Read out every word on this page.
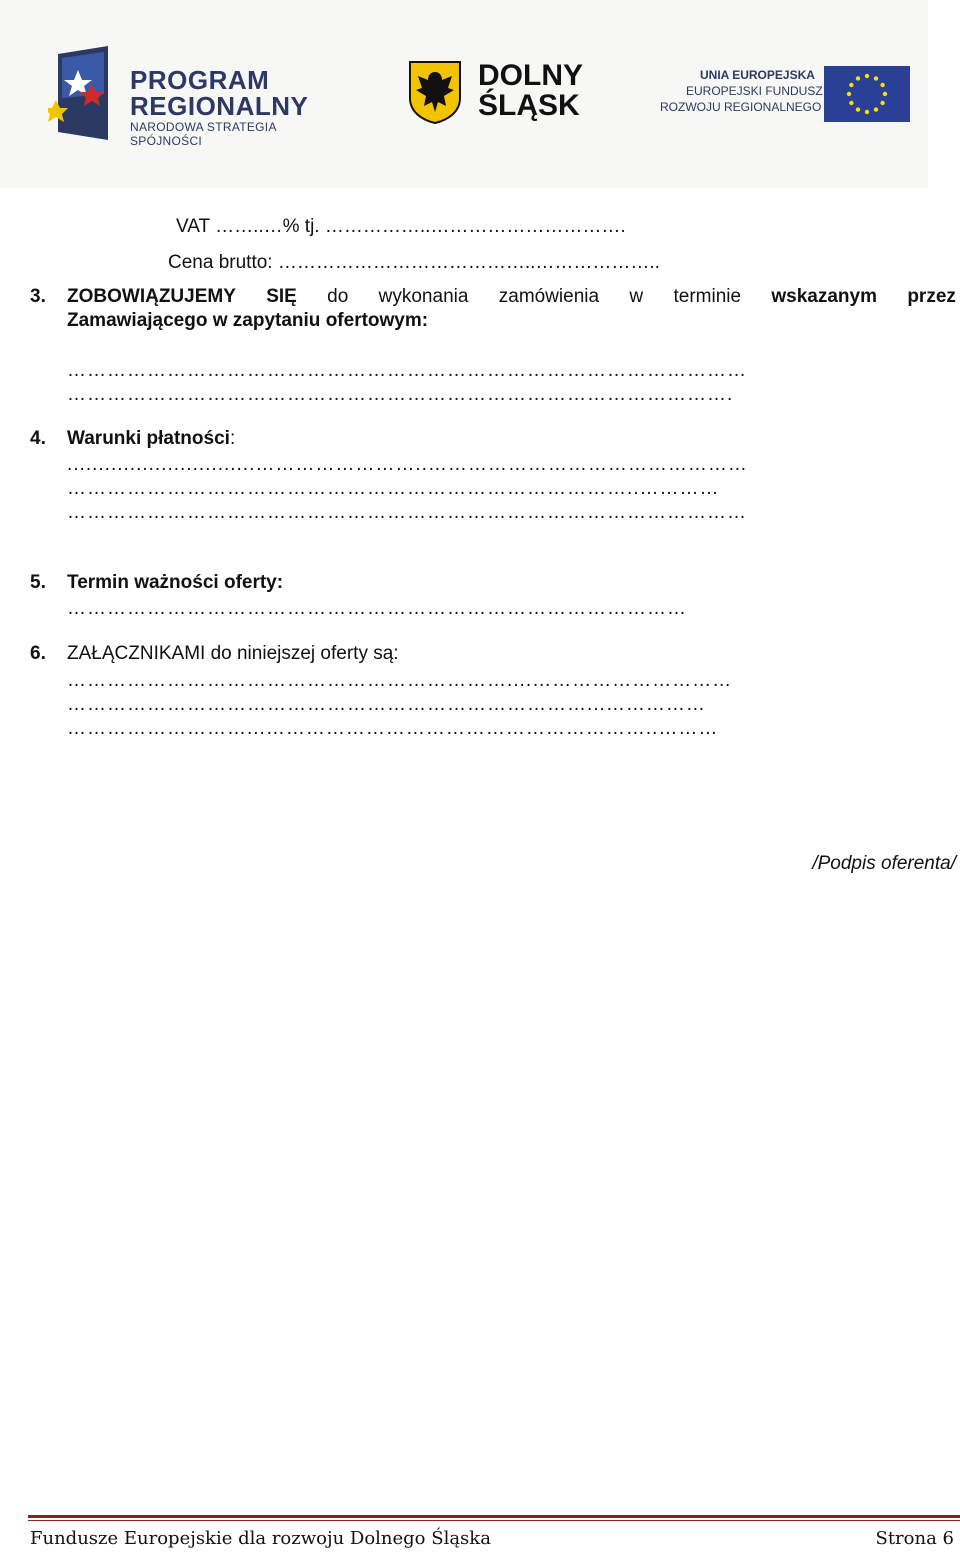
PROGRAM
REGIONALNY
NARODOWA STRATEGIA SPÓJNOŚCI
DOLNY
ŚLĄSK
UNIA EUROPEJSKA
EUROPEJSKI FUNDUSZ
ROZWOJU REGIONALNEGO
VAT ……..…% tj. ……………..………………………….
Cena brutto: …………………………………..………………..
3. ZOBOWIĄZUJEMY SIĘ do wykonania zamówienia w terminie wskazanym przez
Zamawiającego w zapytaniu ofertowym:
…………………………………………………………………………………………
……………………………………………………………………………………….
4. Warunki płatności:
..............................……………………..…………………………………………
…………………………………………………………………………..…………
…………………………………………………………………………………………
5. Termin ważności oferty:
…………………………………………………………………………………
6. ZAŁĄCZNIKAMI do niniejszej oferty są:
…………………………………………………………....…………………………
……………………………………………………………………...……………
………………………...…………………………………………………..………
/Podpis oferenta/
Fundusze Europejskie dla rozwoju Dolnego Śląska	Strona 6
